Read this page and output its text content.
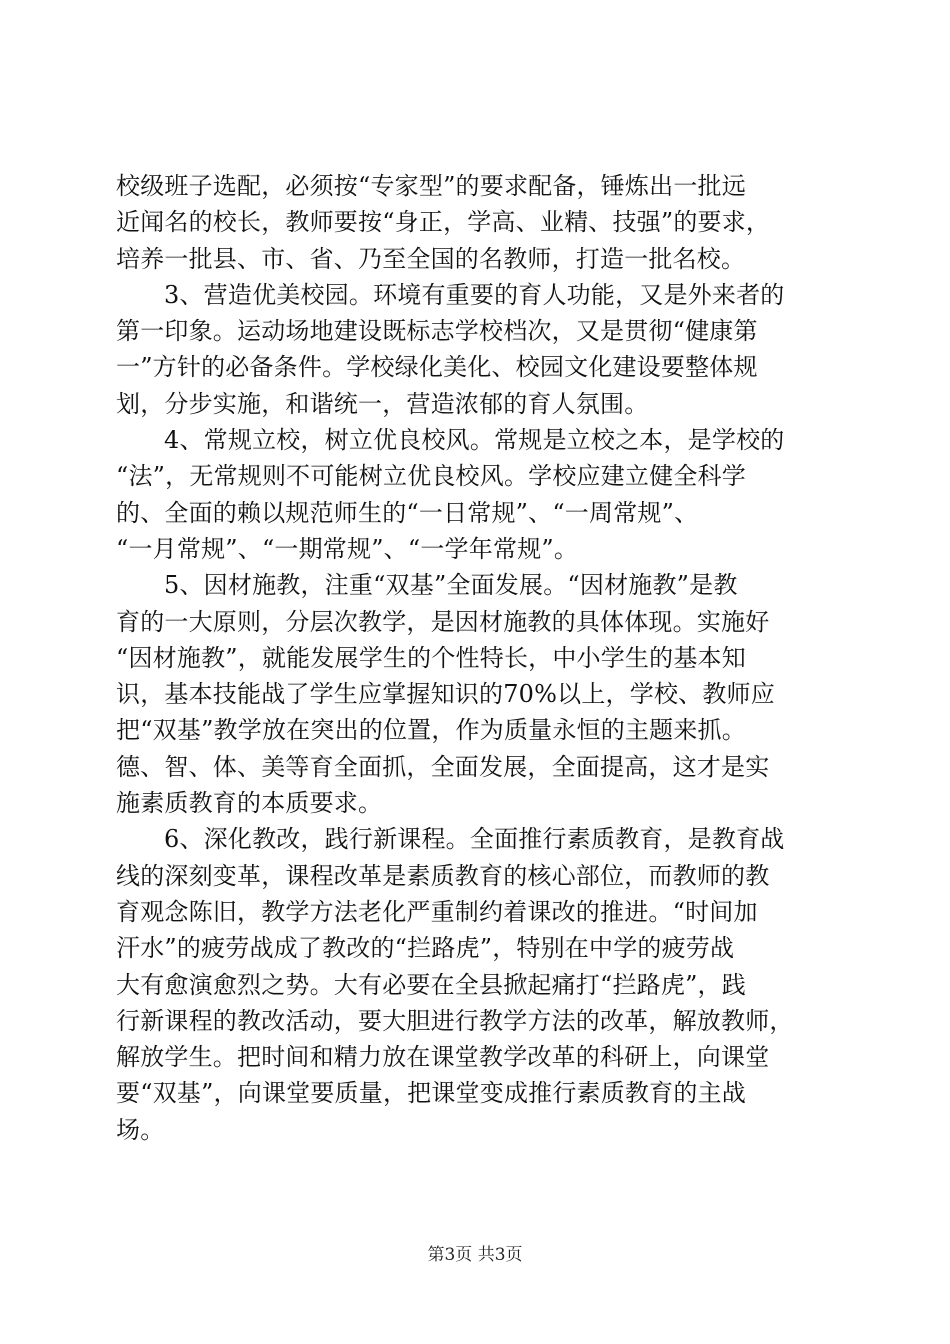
校级班子选配，必须按“专家型”的要求配备，锤炼出一批远
近闻名的校长，教师要按“身正，学高、业精、技强”的要求，
培养一批县、市、省、乃至全国的名教师，打造一批名校。
3、营造优美校园。环境有重要的育人功能，又是外来者的
第一印象。运动场地建设既标志学校档次，又是贯彻“健康第
一”方针的必备条件。学校绿化美化、校园文化建设要整体规
划，分步实施，和谐统一，营造浓郁的育人氛围。
4、常规立校，树立优良校风。常规是立校之本，是学校的
“法”，无常规则不可能树立优良校风。学校应建立健全科学
的、全面的赖以规范师生的“一日常规”、“一周常规”、
“一月常规”、“一期常规”、“一学年常规”。
5、因材施教，注重“双基”全面发展。“因材施教”是教
育的一大原则，分层次教学，是因材施教的具体体现。实施好
“因材施教”，就能发展学生的个性特长，中小学生的基本知
识，基本技能战了学生应掌握知识的70%以上，学校、教师应
把“双基”教学放在突出的位置，作为质量永恒的主题来抓。
德、智、体、美等育全面抓，全面发展，全面提高，这才是实
施素质教育的本质要求。
6、深化教改，践行新课程。全面推行素质教育，是教育战
线的深刻变革，课程改革是素质教育的核心部位，而教师的教
育观念陈旧，教学方法老化严重制约着课改的推进。“时间加
汗水”的疲劳战成了教改的“拦路虎”，特别在中学的疲劳战
大有愈演愈烈之势。大有必要在全县掀起痛打“拦路虎”，践
行新课程的教改活动，要大胆进行教学方法的改革，解放教师，
解放学生。把时间和精力放在课堂教学改革的科研上，向课堂
要“双基”，向课堂要质量，把课堂变成推行素质教育的主战
场。
第3页 共3页
